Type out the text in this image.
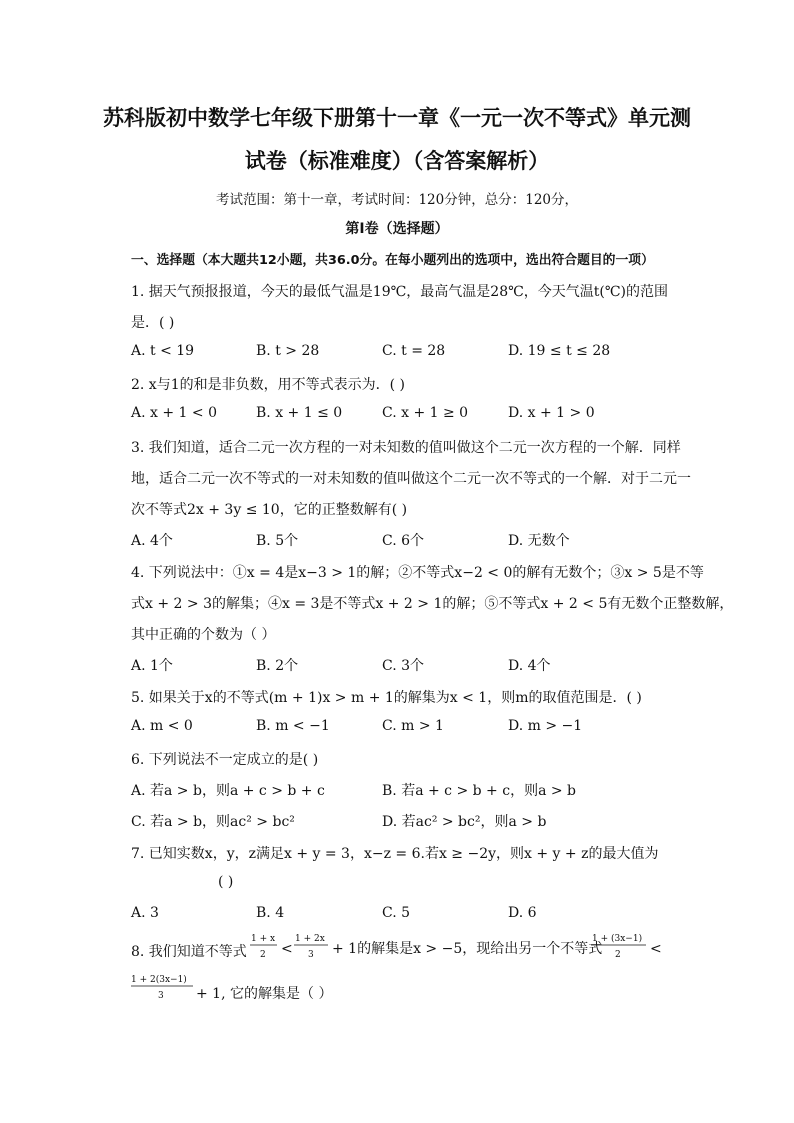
苏科版初中数学七年级下册第十一章《一元一次不等式》单元测
试卷（标准难度）（含答案解析）
考试范围：第十一章，考试时间：120分钟，总分：120分，
第Ⅰ卷（选择题）
一、选择题（本大题共12小题，共36.0分。在每小题列出的选项中，选出符合题目的一项）
1. 据天气预报报道，今天的最低气温是19℃，最高气温是28℃，今天气温t(℃)的范围
是．( )
A. t < 19	B. t > 28	C. t = 28	D. 19 ≤ t ≤ 28
2. x与1的和是非负数，用不等式表示为．( )
A. x + 1 < 0	B. x + 1 ≤ 0	C. x + 1 ≥ 0	D. x + 1 > 0
3. 我们知道，适合二元一次方程的一对未知数的值叫做这个二元一次方程的一个解．同样
地，适合二元一次不等式的一对未知数的值叫做这个二元一次不等式的一个解．对于二元一
次不等式2x + 3y ≤ 10，它的正整数解有( )
A. 4个	B. 5个	C. 6个	D. 无数个
4. 下列说法中：①x = 4是x−3 > 1的解；②不等式x−2 < 0的解有无数个；③x > 5是不等
式x + 2 > 3的解集；④x = 3是不等式x + 2 > 1的解；⑤不等式x + 2 < 5有无数个正整数解，
其中正确的个数为（ ）
A. 1个	B. 2个	C. 3个	D. 4个
5. 如果关于x的不等式(m + 1)x > m + 1的解集为x < 1，则m的取值范围是．( )
A. m < 0	B. m < −1	C. m > 1	D. m > −1
6. 下列说法不一定成立的是( )
A. 若a > b，则a + c > b + c	B. 若a + c > b + c，则a > b
C. 若a > b，则ac² > bc²	D. 若ac² > bc²，则a > b
7. 已知实数x，y，z满足x + y = 3，x−z = 6.若x ≥ −2y，则x + y + z的最大值为
( )
A. 3	B. 4	C. 5	D. 6
8. 我们知道不等式
1 + x
2 <
1 + 2x
3 + 1的解集是x > −5，现给出另一个不等式
1 + (3x−1)
2 <
1 + 2(3x−1)
3 + 1, 它的解集是（ ）
